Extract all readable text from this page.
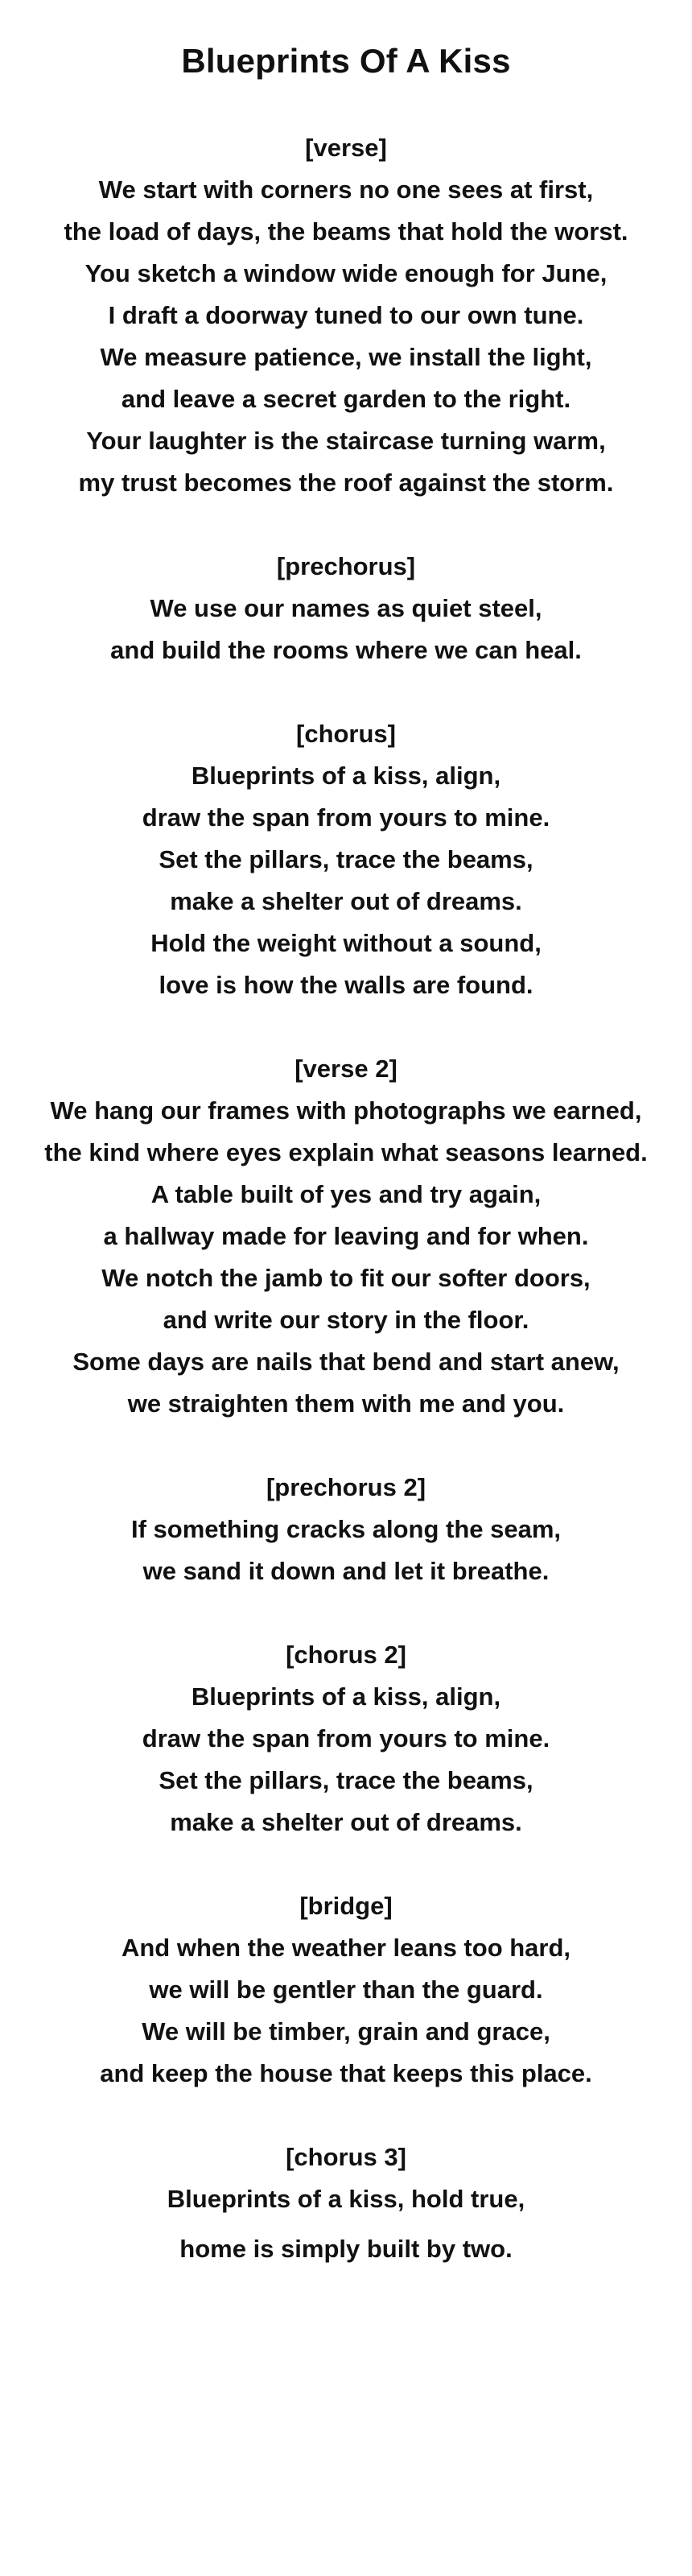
Blueprints Of A Kiss
[verse]
We start with corners no one sees at first,
the load of days, the beams that hold the worst.
You sketch a window wide enough for June,
I draft a doorway tuned to our own tune.
We measure patience, we install the light,
and leave a secret garden to the right.
Your laughter is the staircase turning warm,
my trust becomes the roof against the storm.
[prechorus]
We use our names as quiet steel,
and build the rooms where we can heal.
[chorus]
Blueprints of a kiss, align,
draw the span from yours to mine.
Set the pillars, trace the beams,
make a shelter out of dreams.
Hold the weight without a sound,
love is how the walls are found.
[verse 2]
We hang our frames with photographs we earned,
the kind where eyes explain what seasons learned.
A table built of yes and try again,
a hallway made for leaving and for when.
We notch the jamb to fit our softer doors,
and write our story in the floor.
Some days are nails that bend and start anew,
we straighten them with me and you.
[prechorus 2]
If something cracks along the seam,
we sand it down and let it breathe.
[chorus 2]
Blueprints of a kiss, align,
draw the span from yours to mine.
Set the pillars, trace the beams,
make a shelter out of dreams.
[bridge]
And when the weather leans too hard,
we will be gentler than the guard.
We will be timber, grain and grace,
and keep the house that keeps this place.
[chorus 3]
Blueprints of a kiss, hold true,
home is simply built by two.
